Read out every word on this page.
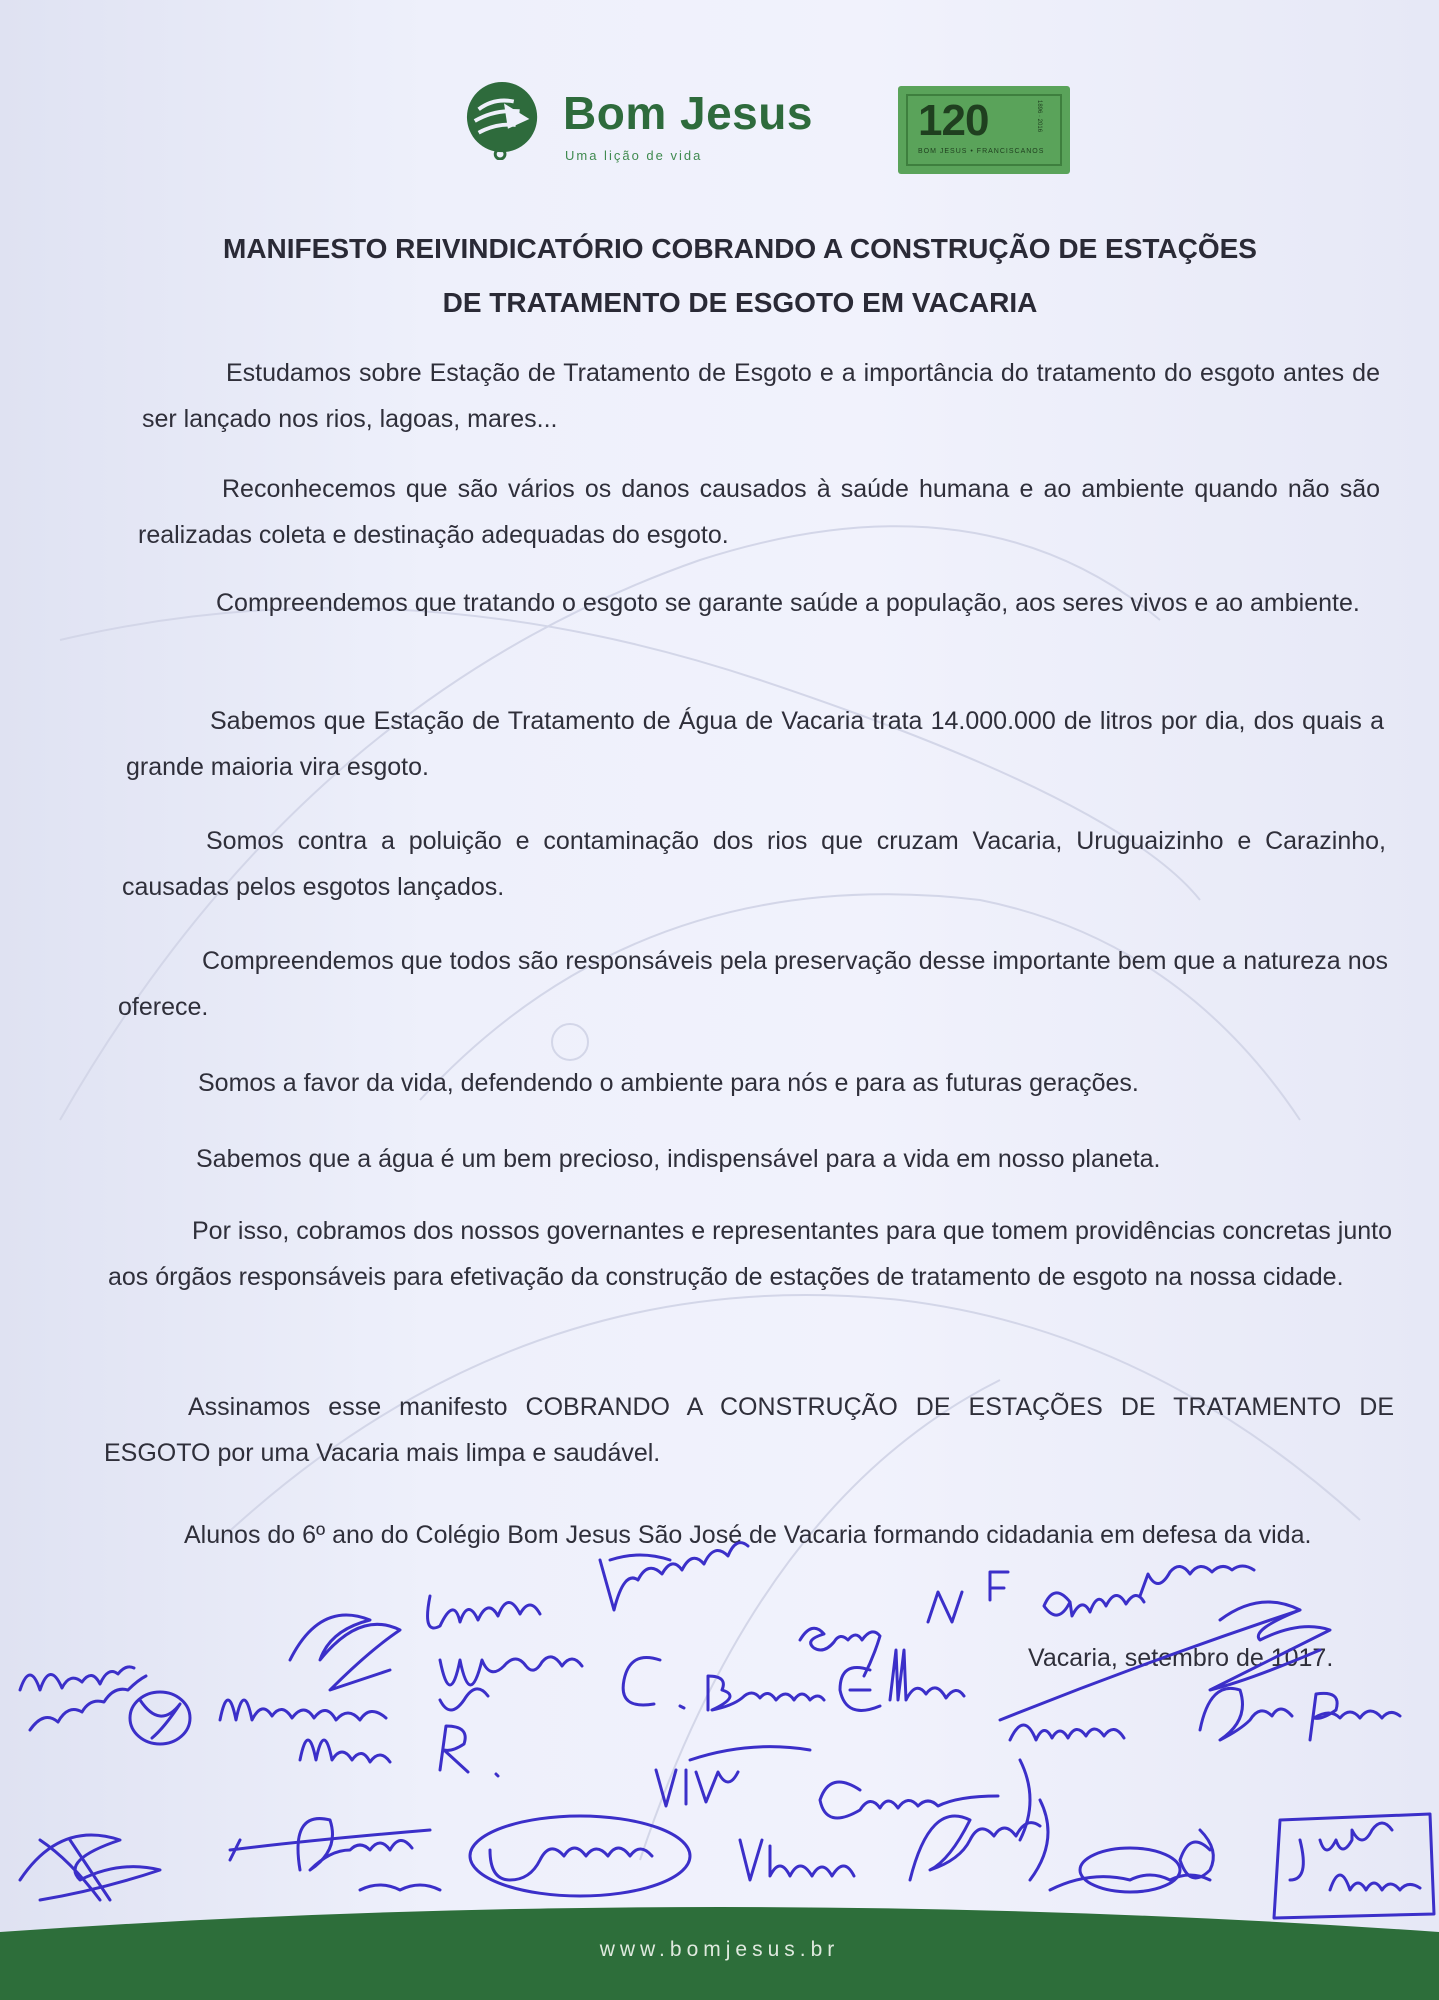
Bom Jesus
Uma lição de vida
120
BOM JESUS • FRANCISCANOS
1896 · 2016
MANIFESTO REIVINDICATÓRIO COBRANDO A CONSTRUÇÃO DE ESTAÇÕES
DE TRATAMENTO DE ESGOTO EM VACARIA

Estudamos sobre Estação de Tratamento de Esgoto e a importância do tratamento do esgoto antes de ser lançado nos rios, lagoas, mares...

Reconhecemos que são vários os danos causados à saúde humana e ao ambiente quando não são realizadas coleta e destinação adequadas do esgoto.

Compreendemos que tratando o esgoto se garante saúde a população, aos seres vivos e ao ambiente.

Sabemos que Estação de Tratamento de Água de Vacaria trata 14.000.000 de litros por dia, dos quais a grande maioria vira esgoto.

Somos contra a poluição e contaminação dos rios que cruzam Vacaria, Uruguaizinho e Carazinho, causadas pelos esgotos lançados.

Compreendemos que todos são responsáveis pela preservação desse importante bem que a natureza nos oferece.

Somos a favor da vida, defendendo o ambiente para nós e para as futuras gerações.

Sabemos que a água é um bem precioso, indispensável para a vida em nosso planeta.

Por isso, cobramos dos nossos governantes e representantes para que tomem providências concretas junto aos órgãos responsáveis para efetivação da construção de estações de tratamento de esgoto na nossa cidade.

Assinamos esse manifesto COBRANDO A CONSTRUÇÃO DE ESTAÇÕES DE TRATAMENTO DE ESGOTO por uma Vacaria mais limpa e saudável.

Alunos do 6º ano do Colégio Bom Jesus São José de Vacaria formando cidadania em defesa da vida.

Vacaria, setembro de 1017.
www.bomjesus.br
